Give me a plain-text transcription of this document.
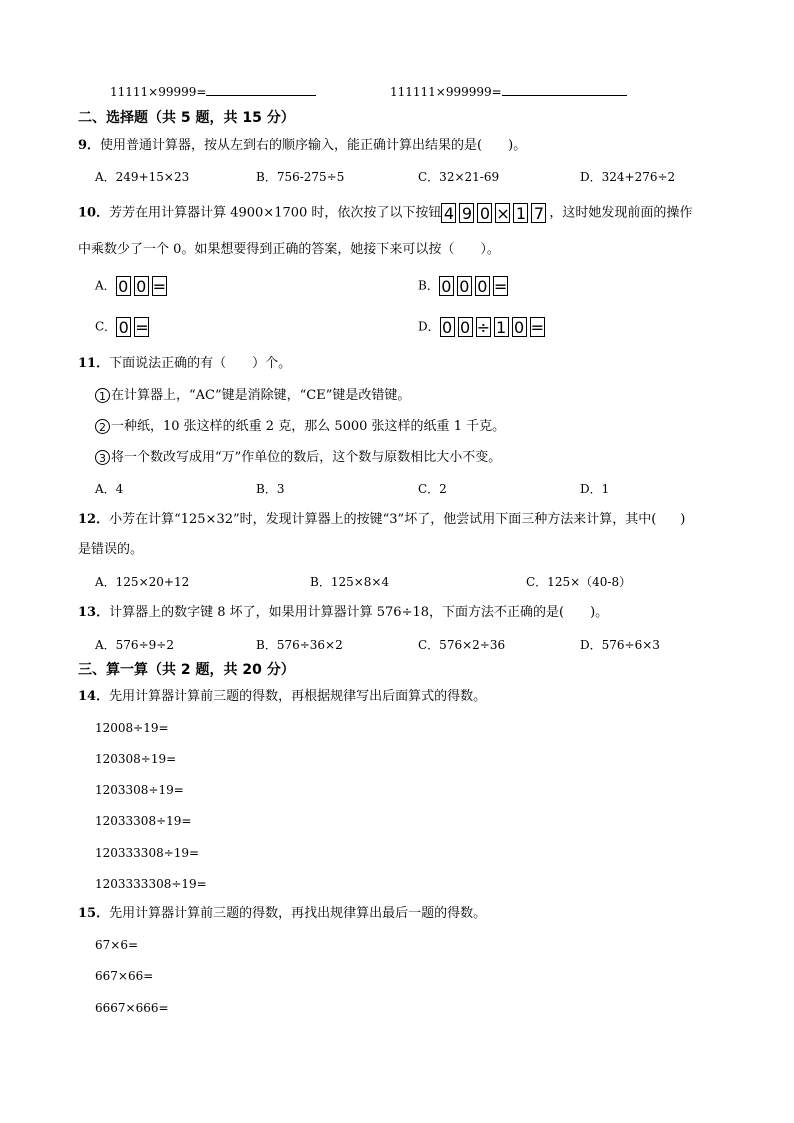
11111×99999=	111111×999999=
二、选择题（共 5 题，共 15 分）
9．使用普通计算器，按从左到右的顺序输入，能正确计算出结果的是( )。
A．249+15×23	B．756-275÷5	C．32×21-69	D．324+276÷2
10．芳芳在用计算器计算 4900×1700 时，依次按了以下按钮 4 9 0 × 1 7 ，这时她发现前面的操作
中乘数少了一个 0。如果想要得到正确的答案，她接下来可以按（ ）。
A． 0 0 =	B． 0 0 0 =
C． 0 =	D． 0 0 ÷ 1 0 =
11．下面说法正确的有（ ）个。
1 在计算器上，“AC”键是消除键，“CE”键是改错键。
2 一种纸，10 张这样的纸重 2 克，那么 5000 张这样的纸重 1 千克。
3 将一个数改写成用“万”作单位的数后，这个数与原数相比大小不变。
A．4	B．3	C．2	D．1
12．小芳在计算“125×32”时，发现计算器上的按键“3”坏了，他尝试用下面三种方法来计算，其中( )
是错误的。
A．125×20+12	B．125×8×4	C．125×（40-8）
13．计算器上的数字键 8 坏了，如果用计算器计算 576÷18，下面方法不正确的是( )。
A．576÷9÷2	B．576÷36×2	C．576×2÷36	D．576÷6×3
三、算一算（共 2 题，共 20 分）
14．先用计算器计算前三题的得数，再根据规律写出后面算式的得数。
12008÷19=
120308÷19=
1203308÷19=
12033308÷19=
120333308÷19=
1203333308÷19=
15．先用计算器计算前三题的得数，再找出规律算出最后一题的得数。
67×6=
667×66=
6667×666=
